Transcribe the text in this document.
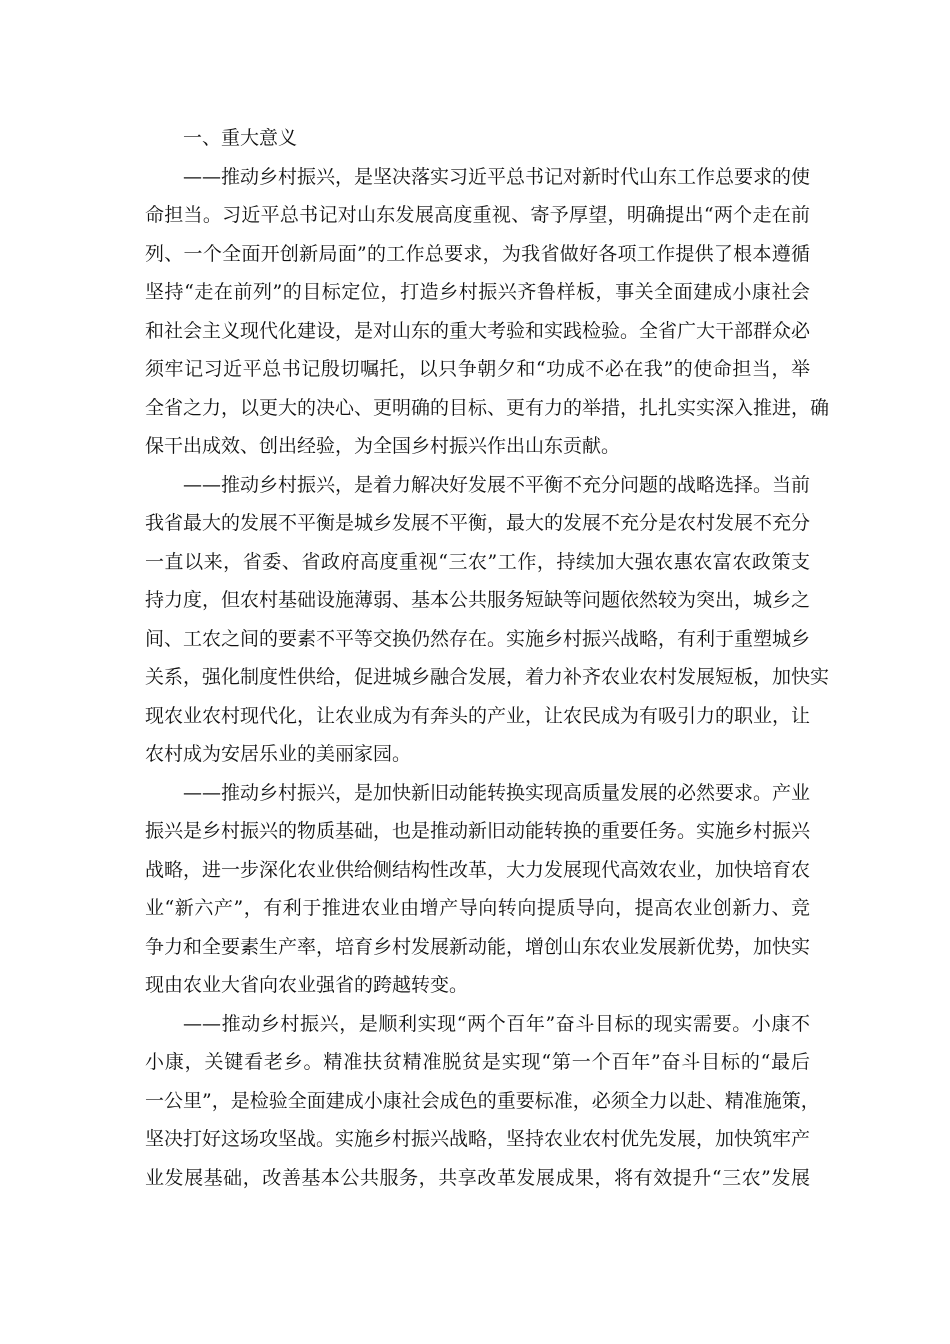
一、重大意义
——推动乡村振兴，是坚决落实习近平总书记对新时代山东工作总要求的使
命担当。习近平总书记对山东发展高度重视、寄予厚望，明确提出“两个走在前
列、一个全面开创新局面”的工作总要求，为我省做好各项工作提供了根本遵循
坚持“走在前列”的目标定位，打造乡村振兴齐鲁样板，事关全面建成小康社会
和社会主义现代化建设，是对山东的重大考验和实践检验。全省广大干部群众必
须牢记习近平总书记殷切嘱托，以只争朝夕和“功成不必在我”的使命担当，举
全省之力，以更大的决心、更明确的目标、更有力的举措，扎扎实实深入推进，确
保干出成效、创出经验，为全国乡村振兴作出山东贡献。
——推动乡村振兴，是着力解决好发展不平衡不充分问题的战略选择。当前
我省最大的发展不平衡是城乡发展不平衡，最大的发展不充分是农村发展不充分
一直以来，省委、省政府高度重视“三农”工作，持续加大强农惠农富农政策支
持力度，但农村基础设施薄弱、基本公共服务短缺等问题依然较为突出，城乡之
间、工农之间的要素不平等交换仍然存在。实施乡村振兴战略，有利于重塑城乡
关系，强化制度性供给，促进城乡融合发展，着力补齐农业农村发展短板，加快实
现农业农村现代化，让农业成为有奔头的产业，让农民成为有吸引力的职业，让
农村成为安居乐业的美丽家园。
——推动乡村振兴，是加快新旧动能转换实现高质量发展的必然要求。产业
振兴是乡村振兴的物质基础，也是推动新旧动能转换的重要任务。实施乡村振兴
战略，进一步深化农业供给侧结构性改革，大力发展现代高效农业，加快培育农
业“新六产”，有利于推进农业由增产导向转向提质导向，提高农业创新力、竞
争力和全要素生产率，培育乡村发展新动能，增创山东农业发展新优势，加快实
现由农业大省向农业强省的跨越转变。
——推动乡村振兴，是顺利实现“两个百年”奋斗目标的现实需要。小康不
小康，关键看老乡。精准扶贫精准脱贫是实现“第一个百年”奋斗目标的“最后
一公里”，是检验全面建成小康社会成色的重要标准，必须全力以赴、精准施策，
坚决打好这场攻坚战。实施乡村振兴战略，坚持农业农村优先发展，加快筑牢产
业发展基础，改善基本公共服务，共享改革发展成果，将有效提升“三农”发展
